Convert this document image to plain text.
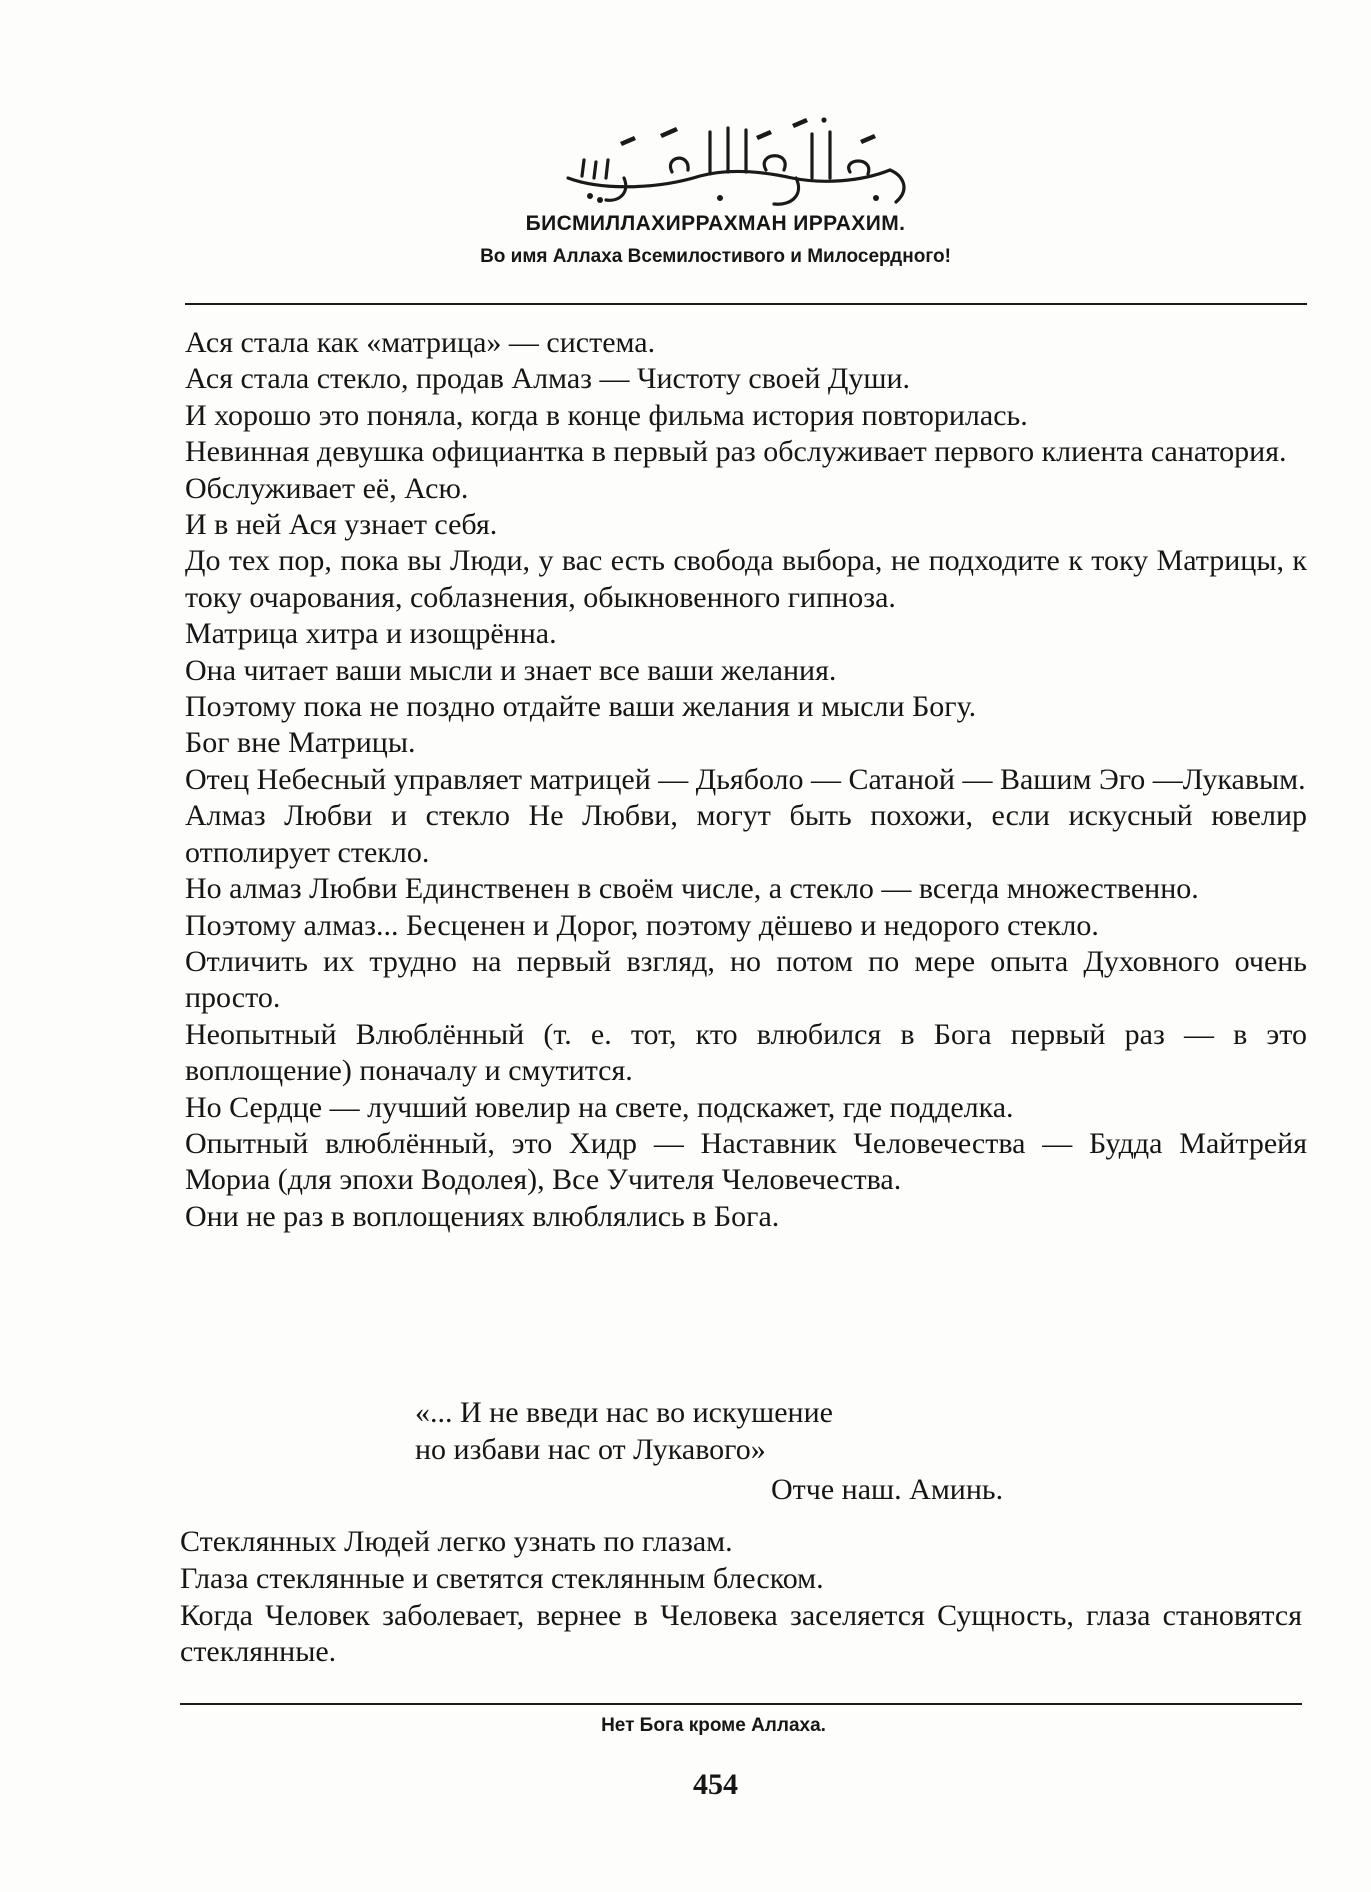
БИСМИЛЛАХИРРАХМАН ИРРАХИМ.
Во имя Аллаха Всемилостивого и Милосердного!

Ася стала как «матрица» — система.

Ася стала стекло, продав Алмаз — Чистоту своей Души.

И хорошо это поняла, когда в конце фильма история повторилась.

Невинная девушка официантка в первый раз обслуживает первого клиента санатория.

Обслуживает её, Асю.

И в ней Ася узнает себя.

До тех пор, пока вы Люди, у вас есть свобода выбора, не подходите к току Матрицы, к току очарования, соблазнения, обыкновенного гипноза.

Матрица хитра и изощрённа.

Она читает ваши мысли и знает все ваши желания.

Поэтому пока не поздно отдайте ваши желания и мысли Богу.

Бог вне Матрицы.

Отец Небесный управляет матрицей — Дьяболо — Сатаной — Вашим Эго —Лукавым.

Алмаз Любви и стекло Не Любви, могут быть похожи, если искусный ювелир отполирует стекло.

Но алмаз Любви Единственен в своём числе, а стекло — всегда множественно.

Поэтому алмаз... Бесценен и Дорог, поэтому дёшево и недорого стекло.

Отличить их трудно на первый взгляд, но потом по мере опыта Духовного очень просто.

Неопытный Влюблённый (т. е. тот, кто влюбился в Бога первый раз — в это воплощение) поначалу и смутится.

Но Сердце — лучший ювелир на свете, подскажет, где подделка.

Опытный влюблённый, это Хидр — Наставник Человечества — Будда Майтрейя Мориа (для эпохи Водолея), Все Учителя Человечества.

Они не раз в воплощениях влюблялись в Бога.

«... И не введи нас во искушение

но избави нас от Лукавого»

Отче наш. Аминь.

Стеклянных Людей легко узнать по глазам.

Глаза стеклянные и светятся стеклянным блеском.

Когда Человек заболевает, вернее в Человека заселяется Сущность, глаза становятся стеклянные.

Нет Бога кроме Аллаха.
454
